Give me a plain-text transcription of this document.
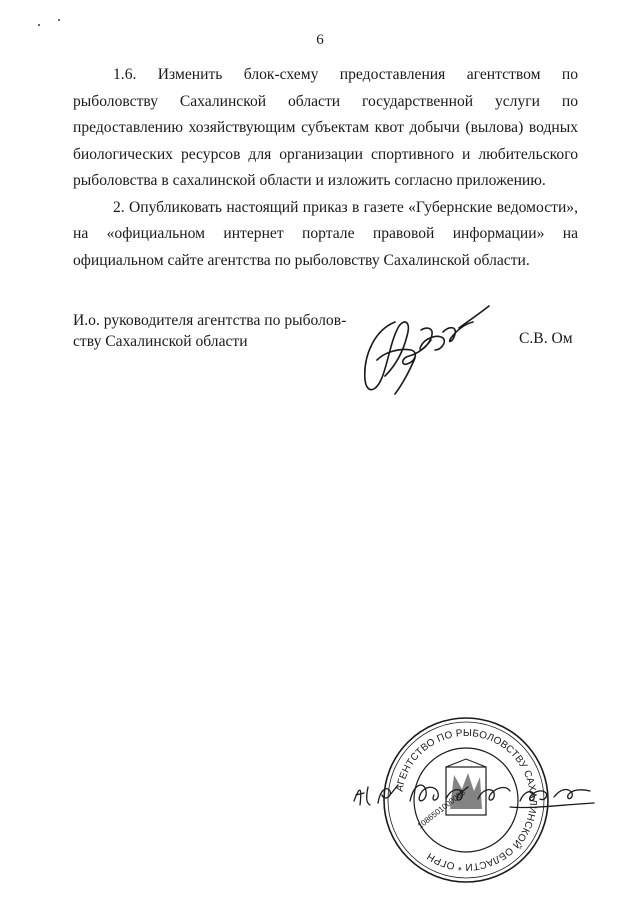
6

1.6. Изменить блок-схему предоставления агентством по рыболовству Сахалинской области государственной услуги по предоставлению хозяйствующим субъектам квот добычи (вылова) водных биологических ресурсов для организации спортивного и любительского рыболовства в сахалинской области и изложить согласно приложению.

2. Опубликовать настоящий приказ в газете «Губернские ведомости», на «официальном интернет портале правовой информации» на официальном сайте агентства по рыболовству Сахалинской области.

И.о. руководителя агентства по рыболов-
ству Сахалинской области	С.В. Ом
АГЕНТСТВО ПО РЫБОЛОВСТВУ САХАЛИНСКОЙ ОБЛАСТИ * ОГРН
1086501000088
